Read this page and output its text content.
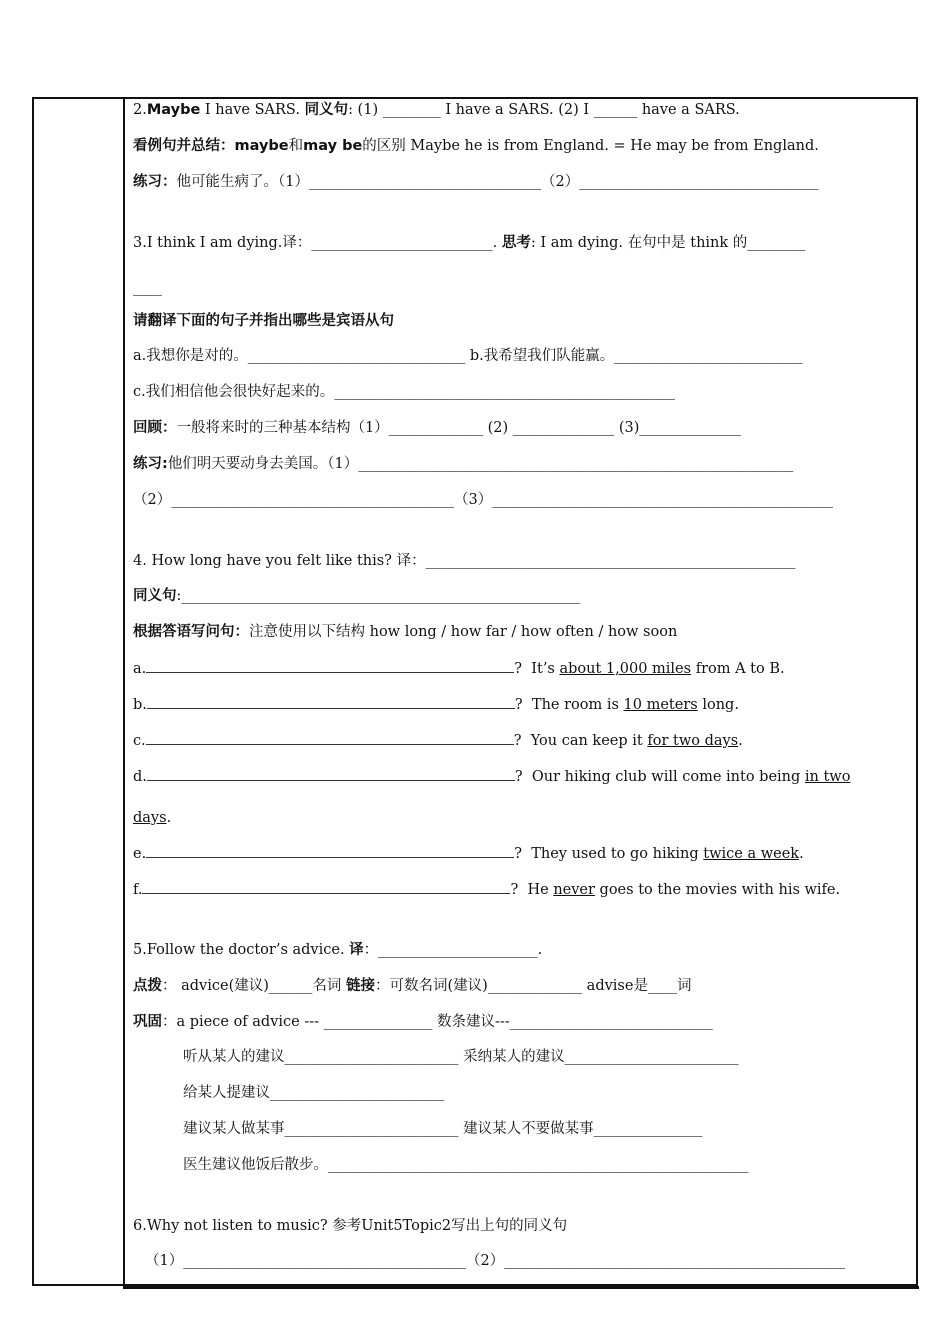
2.Maybe I have SARS. 同义句: (1) ________ I have a SARS. (2) I ______ have a SARS.
看例句并总结：maybe和may be的区别 Maybe he is from England. = He may be from England.
练习：他可能生病了。（1）________________________________（2）_________________________________
3.I think I am dying.译：_________________________. 思考: I am dying. 在句中是 think 的________
____
请翻译下面的句子并指出哪些是宾语从句
a.我想你是对的。______________________________ b.我希望我们队能赢。__________________________
c.我们相信他会很快好起来的。_______________________________________________
回顾：一般将来时的三种基本结构（1）_____________ (2) ______________ (3)______________
练习:他们明天要动身去美国。（1）____________________________________________________________
（2）_______________________________________（3）_______________________________________________
4. How long have you felt like this? 译：___________________________________________________
同义句:_______________________________________________________
根据答语写问句：注意使用以下结构 how long / how far / how often / how soon
a.	?  It’s about 1,000 miles from A to B.
b.	?  The room is 10 meters long.
c.	?  You can keep it for two days.
d.	?  Our hiking club will come into being in two
days.
e.	?  They used to go hiking twice a week.
f.	?  He never goes to the movies with his wife.
5.Follow the doctor’s advice. 译：______________________.
点拨： advice(建议)______名词 链接：可数名词(建议)_____________ advise是____词
巩固：a piece of advice --- _______________ 数条建议---____________________________
听从某人的建议________________________ 采纳某人的建议________________________
给某人提建议________________________
建议某人做某事________________________ 建议某人不要做某事_______________
医生建议他饭后散步。__________________________________________________________
6.Why not listen to music? 参考Unit5Topic2写出上句的同义句
（1）_______________________________________（2）_______________________________________________
